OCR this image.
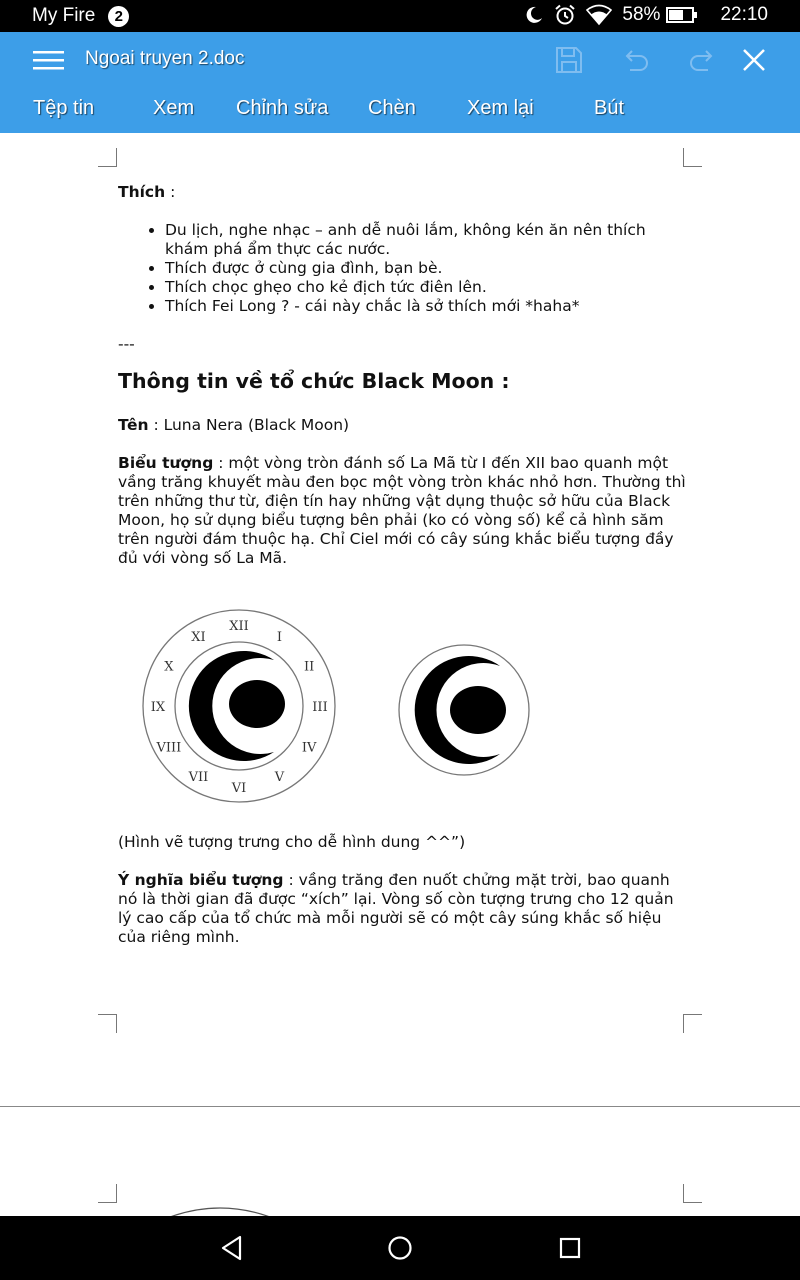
My Fire	2	58%	22:10
Ngoai truyen 2.doc
Tệp tin	Xem Chỉnh sửa Chèn	Xem lại	Bút
Thích :
• Du lịch, nghe nhạc – anh dễ nuôi lắm, không kén ăn nên thích khám phá ẩm thực các nước.
• Thích được ở cùng gia đình, bạn bè.
• Thích chọc ghẹo cho kẻ địch tức điên lên.
• Thích Fei Long ? - cái này chắc là sở thích mới *haha*
---
Thông tin về tổ chức Black Moon :
Tên : Luna Nera (Black Moon)
Biểu tượng : một vòng tròn đánh số La Mã từ I đến XII bao quanh một vầng trăng khuyết màu đen bọc một vòng tròn khác nhỏ hơn. Thường thì trên những thư từ, điện tín hay những vật dụng thuộc sở hữu của Black Moon, họ sử dụng biểu tượng bên phải (ko có vòng số) kể cả hình săm trên người đám thuộc hạ. Chỉ Ciel mới có cây súng khắc biểu tượng đầy đủ với vòng số La Mã.
(Hình vẽ tượng trưng cho dễ hình dung ^^”)
Ý nghĩa biểu tượng : vầng trăng đen nuốt chửng mặt trời, bao quanh nó là thời gian đã được “xích” lại. Vòng số còn tượng trưng cho 12 quản lý cao cấp của tổ chức mà mỗi người sẽ có một cây súng khắc số hiệu của riêng mình.
XII
I
II
III
IV
V
VI
VII
VIII
IX
X
XI
